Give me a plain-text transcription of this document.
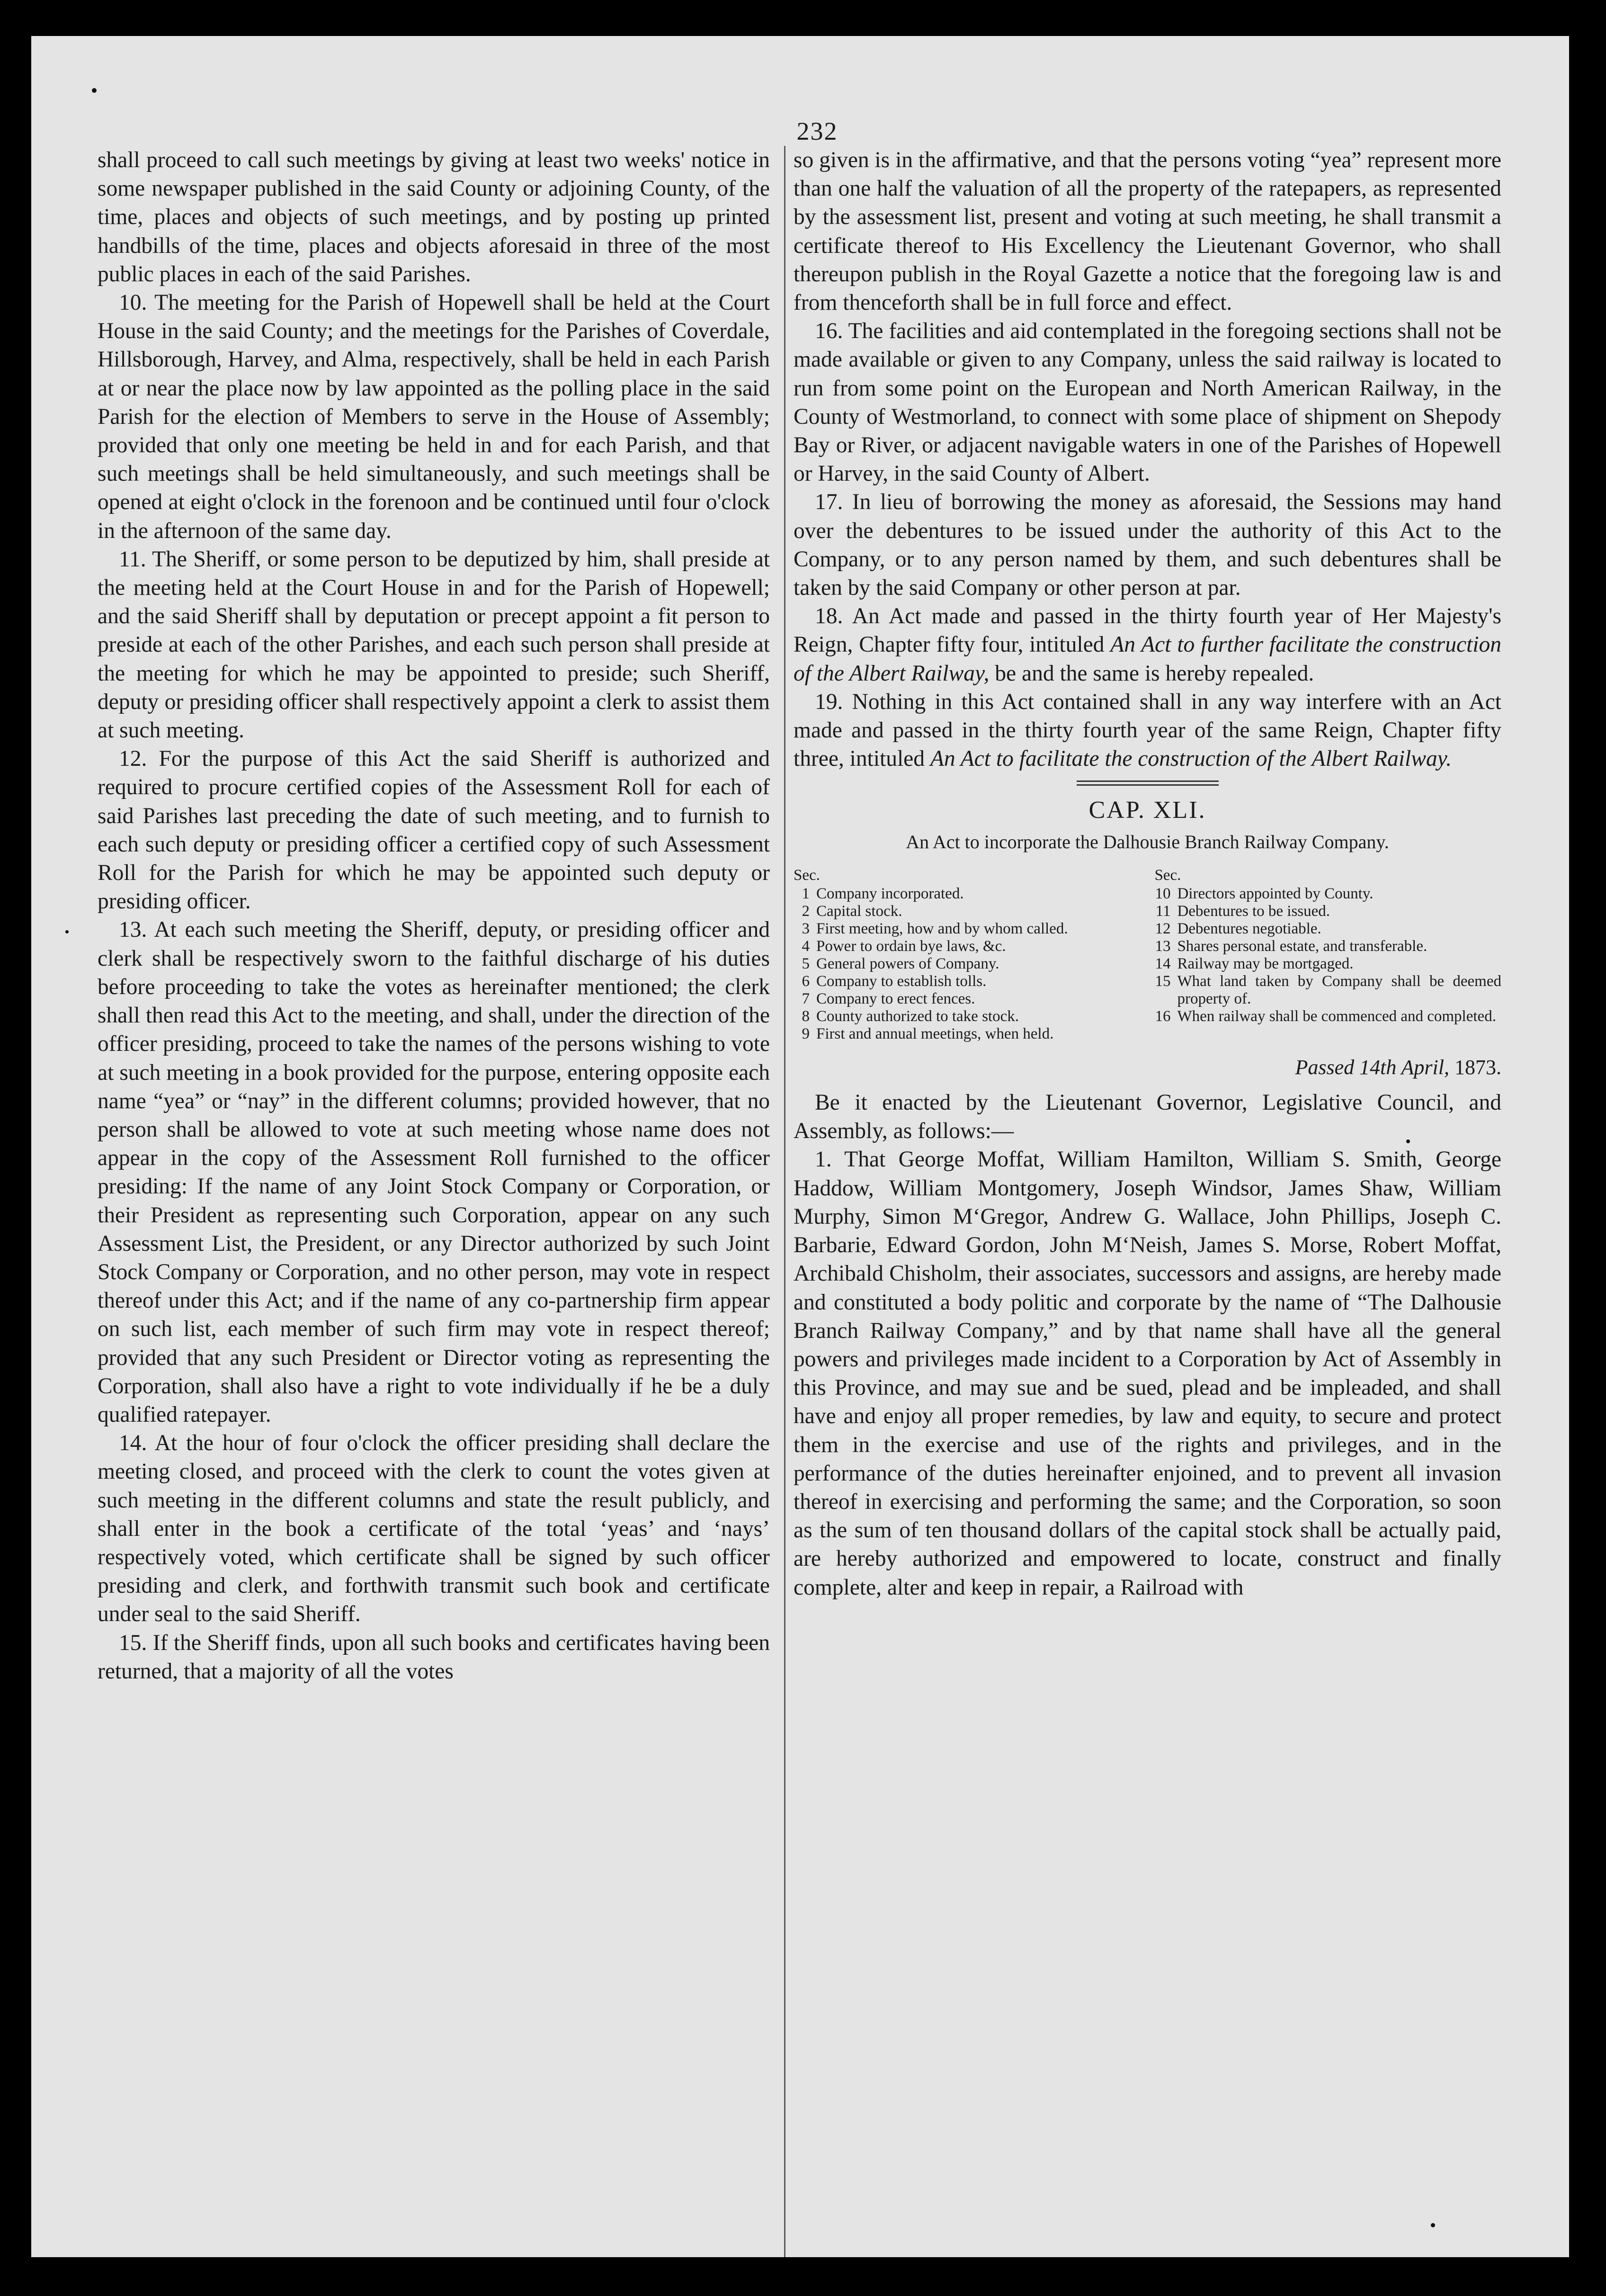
232

shall proceed to call such meetings by giving at least two weeks' notice in some newspaper published in the said County or adjoining County, of the time, places and objects of such meetings, and by posting up printed handbills of the time, places and objects aforesaid in three of the most public places in each of the said Parishes.

10. The meeting for the Parish of Hopewell shall be held at the Court House in the said County; and the meetings for the Parishes of Coverdale, Hillsborough, Harvey, and Alma, respectively, shall be held in each Parish at or near the place now by law appointed as the polling place in the said Parish for the election of Members to serve in the House of Assembly; provided that only one meeting be held in and for each Parish, and that such meetings shall be held simultaneously, and such meetings shall be opened at eight o'clock in the forenoon and be continued until four o'clock in the afternoon of the same day.

11. The Sheriff, or some person to be deputized by him, shall preside at the meeting held at the Court House in and for the Parish of Hopewell; and the said Sheriff shall by deputation or precept appoint a fit person to preside at each of the other Parishes, and each such person shall preside at the meeting for which he may be appointed to preside; such Sheriff, deputy or presiding officer shall respectively appoint a clerk to assist them at such meeting.

12. For the purpose of this Act the said Sheriff is authorized and required to procure certified copies of the Assessment Roll for each of said Parishes last preceding the date of such meeting, and to furnish to each such deputy or presiding officer a certified copy of such Assessment Roll for the Parish for which he may be appointed such deputy or presiding officer.

13. At each such meeting the Sheriff, deputy, or presiding officer and clerk shall be respectively sworn to the faithful discharge of his duties before proceeding to take the votes as hereinafter mentioned; the clerk shall then read this Act to the meeting, and shall, under the direction of the officer presiding, proceed to take the names of the persons wishing to vote at such meeting in a book provided for the purpose, entering opposite each name “yea” or “nay” in the different columns; provided however, that no person shall be allowed to vote at such meeting whose name does not appear in the copy of the Assessment Roll furnished to the officer presiding: If the name of any Joint Stock Company or Corporation, or their President as representing such Corporation, appear on any such Assessment List, the President, or any Director authorized by such Joint Stock Company or Corporation, and no other person, may vote in respect thereof under this Act; and if the name of any co-partnership firm appear on such list, each member of such firm may vote in respect thereof; provided that any such President or Director voting as representing the Corporation, shall also have a right to vote individually if he be a duly qualified ratepayer.

14. At the hour of four o'clock the officer presiding shall declare the meeting closed, and proceed with the clerk to count the votes given at such meeting in the different columns and state the result publicly, and shall enter in the book a certificate of the total ‘yeas’ and ‘nays’ respectively voted, which certificate shall be signed by such officer presiding and clerk, and forthwith transmit such book and certificate under seal to the said Sheriff.

15. If the Sheriff finds, upon all such books and certificates having been returned, that a majority of all the votes

so given is in the affirmative, and that the persons voting “yea” represent more than one half the valuation of all the property of the ratepapers, as represented by the assessment list, present and voting at such meeting, he shall transmit a certificate thereof to His Excellency the Lieutenant Governor, who shall thereupon publish in the Royal Gazette a notice that the foregoing law is and from thenceforth shall be in full force and effect.

16. The facilities and aid contemplated in the foregoing sections shall not be made available or given to any Company, unless the said railway is located to run from some point on the European and North American Railway, in the County of Westmorland, to connect with some place of shipment on Shepody Bay or River, or adjacent navigable waters in one of the Parishes of Hopewell or Harvey, in the said County of Albert.

17. In lieu of borrowing the money as aforesaid, the Sessions may hand over the debentures to be issued under the authority of this Act to the Company, or to any person named by them, and such debentures shall be taken by the said Company or other person at par.

18. An Act made and passed in the thirty fourth year of Her Majesty's Reign, Chapter fifty four, intituled An Act to further facilitate the construction of the Albert Railway, be and the same is hereby repealed.

19. Nothing in this Act contained shall in any way interfere with an Act made and passed in the thirty fourth year of the same Reign, Chapter fifty three, intituled An Act to facilitate the construction of the Albert Railway.

CAP. XLI.
An Act to incorporate the Dalhousie Branch Railway Company.
Sec.
1 Company incorporated.
2 Capital stock.
3 First meeting, how and by whom called.
4 Power to ordain bye laws, &c.
5 General powers of Company.
6 Company to establish tolls.
7 Company to erect fences.
8 County authorized to take stock.
9 First and annual meetings, when held.
Sec.
10 Directors appointed by County.
11 Debentures to be issued.
12 Debentures negotiable.
13 Shares personal estate, and transferable.
14 Railway may be mortgaged.
15 What land taken by Company shall be deemed property of.
16 When railway shall be commenced and completed.
Passed 14th April, 1873.

Be it enacted by the Lieutenant Governor, Legislative Council, and Assembly, as follows:—

1. That George Moffat, William Hamilton, William S. Smith, George Haddow, William Montgomery, Joseph Windsor, James Shaw, William Murphy, Simon M‘Gregor, Andrew G. Wallace, John Phillips, Joseph C. Barbarie, Edward Gordon, John M‘Neish, James S. Morse, Robert Moffat, Archibald Chisholm, their associates, successors and assigns, are hereby made and constituted a body politic and corporate by the name of “The Dalhousie Branch Railway Company,” and by that name shall have all the general powers and privileges made incident to a Corporation by Act of Assembly in this Province, and may sue and be sued, plead and be impleaded, and shall have and enjoy all proper remedies, by law and equity, to secure and protect them in the exercise and use of the rights and privileges, and in the performance of the duties hereinafter enjoined, and to prevent all invasion thereof in exercising and performing the same; and the Corporation, so soon as the sum of ten thousand dollars of the capital stock shall be actually paid, are hereby authorized and empowered to locate, construct and finally complete, alter and keep in repair, a Railroad with
